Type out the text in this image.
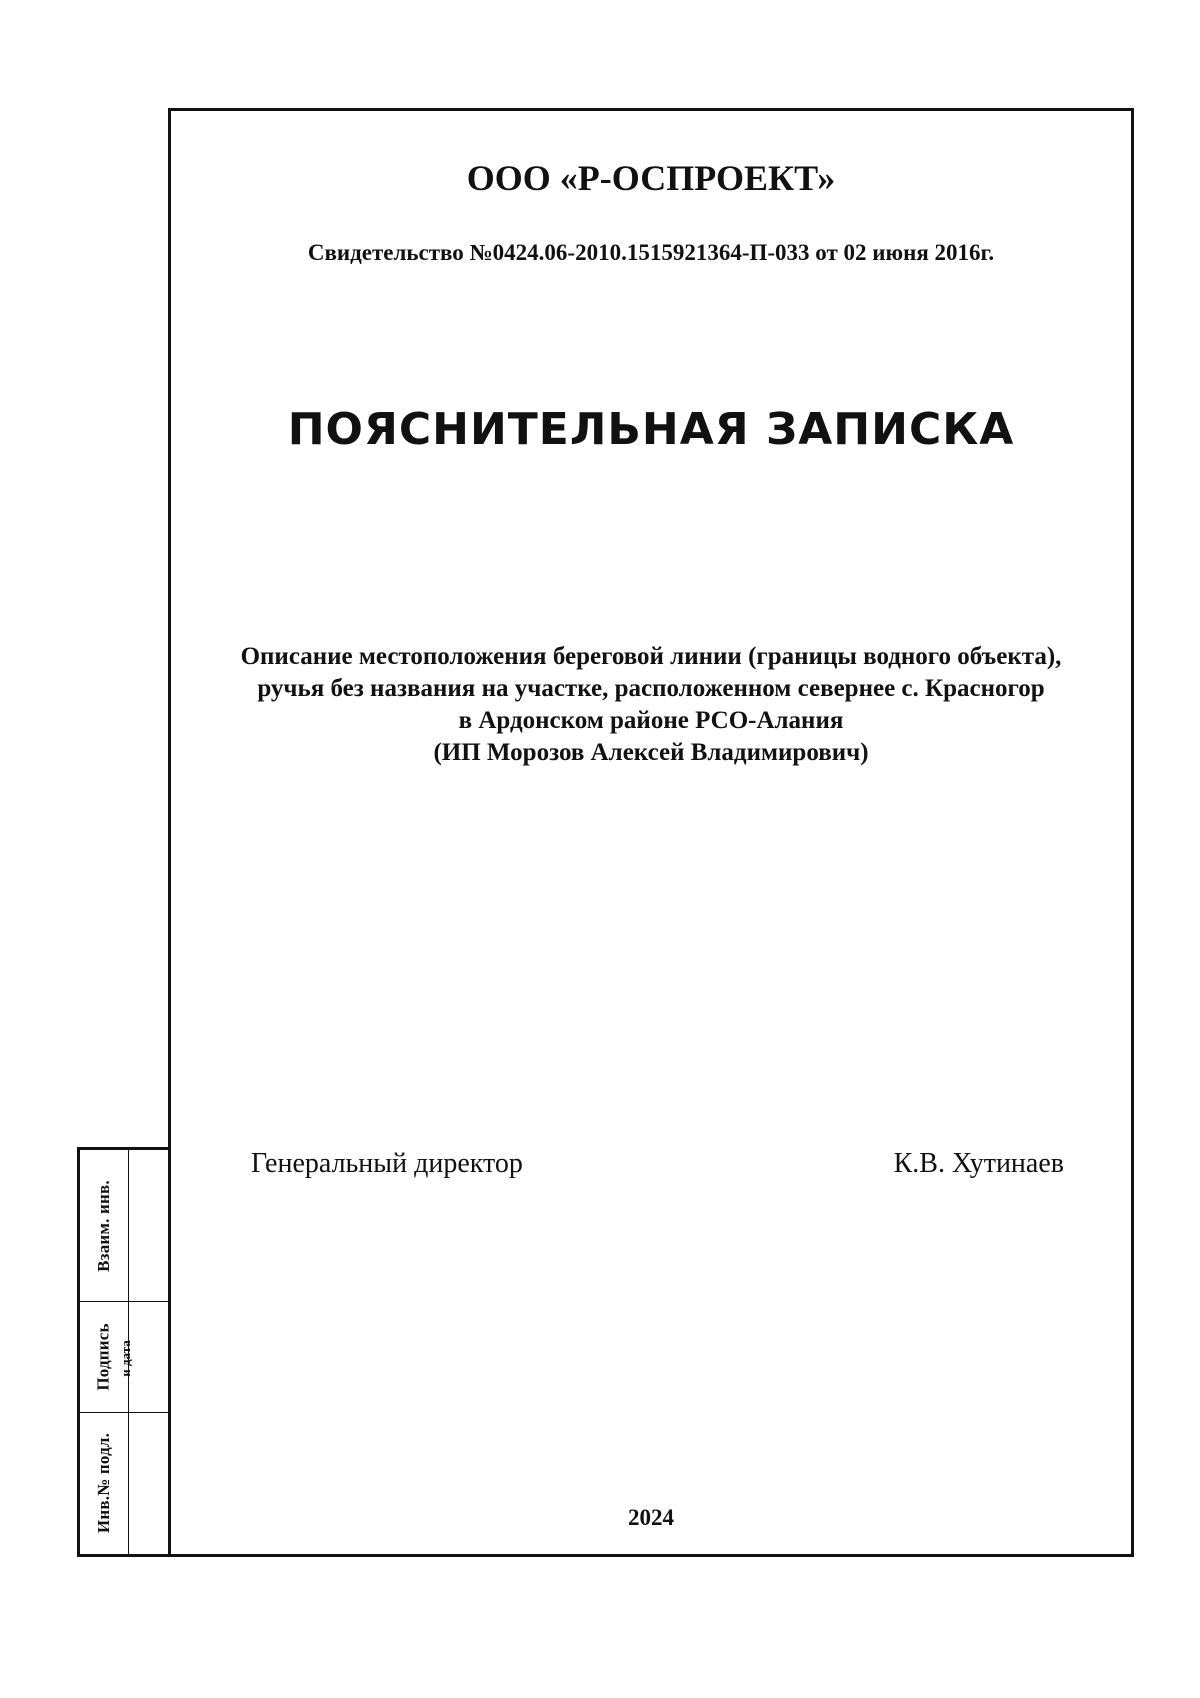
Взаим. инв.
Подпись
Инв.№ подл.
и дата
ООО «Р-ОСПРОЕКТ»
Свидетельство №0424.06-2010.1515921364-П-033 от 02 июня 2016г.
ПОЯСНИТЕЛЬНАЯ ЗАПИСКА
Описание местоположения береговой линии (границы водного объекта),
ручья без названия на участке, расположенном севернее с. Красногор
в Ардонском районе РСО-Алания
(ИП Морозов Алексей Владимирович)
Генеральный директор	К.В. Хутинаев
2024
